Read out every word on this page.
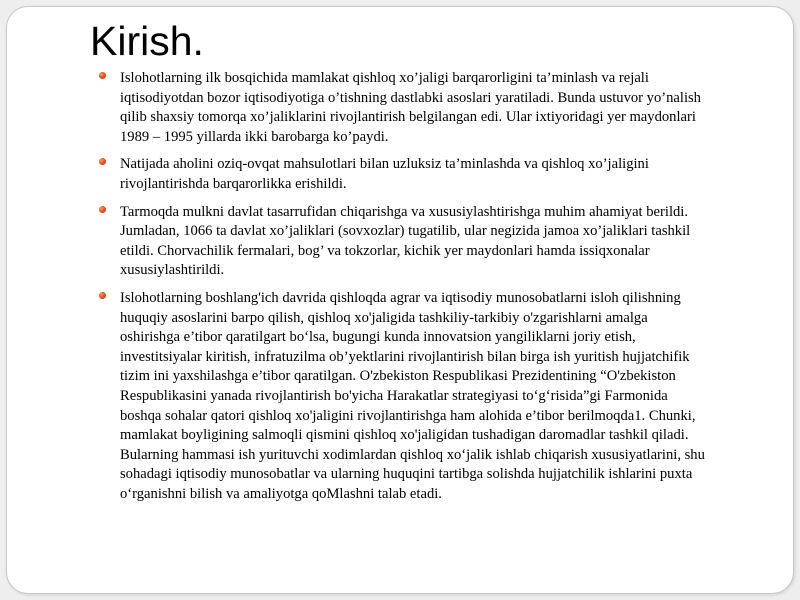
Kirish.
Islohotlarning ilk bosqichida mamlakat qishloq xo’jaligi barqarorligini ta’minlash va rejali iqtisodiyotdan bozor iqtisodiyotiga o’tishning dastlabki asoslari yaratiladi. Bunda ustuvor yo’nalish qilib shaxsiy tomorqa xo’jaliklarini rivojlantirish belgilangan edi. Ular ixtiyoridagi yer maydonlari 1989 – 1995 yillarda ikki barobarga ko’paydi.
Natijada aholini oziq-ovqat mahsulotlari bilan uzluksiz ta’minlashda va qishloq xo’jaligini rivojlantirishda barqarorlikka erishildi.
Tarmoqda mulkni davlat tasarrufidan chiqarishga va xususiylashtirishga muhim ahamiyat berildi. Jumladan, 1066 ta davlat xo’jaliklari (sovxozlar) tugatilib, ular negizida jamoa xo’jaliklari tashkil etildi. Chorvachilik fermalari, bog’ va tokzorlar, kichik yer maydonlari hamda issiqxonalar xususiylashtirildi.
Islohotlarning boshlang'ich davrida qishloqda agrar va iqtisodiy munosobatlarni isloh qilishning huquqiy asoslarini barpo qilish, qishloq xo'jaligida tashkiliy-tarkibiy o'zgarishlarni amalga oshirishga e’tibor qaratilgart bo‘lsa, bugungi kunda innovatsion yangiliklarni joriy etish, investitsiyalar kiritish, infratuzilma ob’yektlarini rivojlantirish bilan birga ish yuritish hujjatchifik tizim ini yaxshilashga e’tibor qaratilgan. O'zbekiston Respublikasi Prezidentining “O'zbekiston Respublikasini yanada rivojlantirish bo'yicha Harakatlar strategiyasi to‘g‘risida”gi Farmonida boshqa sohalar qatori qishloq xo'jaligini rivojlantirishga ham alohida e’tibor berilmoqda1. Chunki, mamlakat boyligining salmoqli qismini qishloq xo'jaligidan tushadigan daromadlar tashkil qiladi. Bularning hammasi ish yurituvchi xodimlardan qishloq xo‘jalik ishlab chiqarish xususiyatlarini, shu sohadagi iqtisodiy munosobatlar va ularning huquqini tartibga solishda hujjatchilik ishlarini puxta o‘rganishni bilish va amaliyotga qoMlashni talab etadi.
